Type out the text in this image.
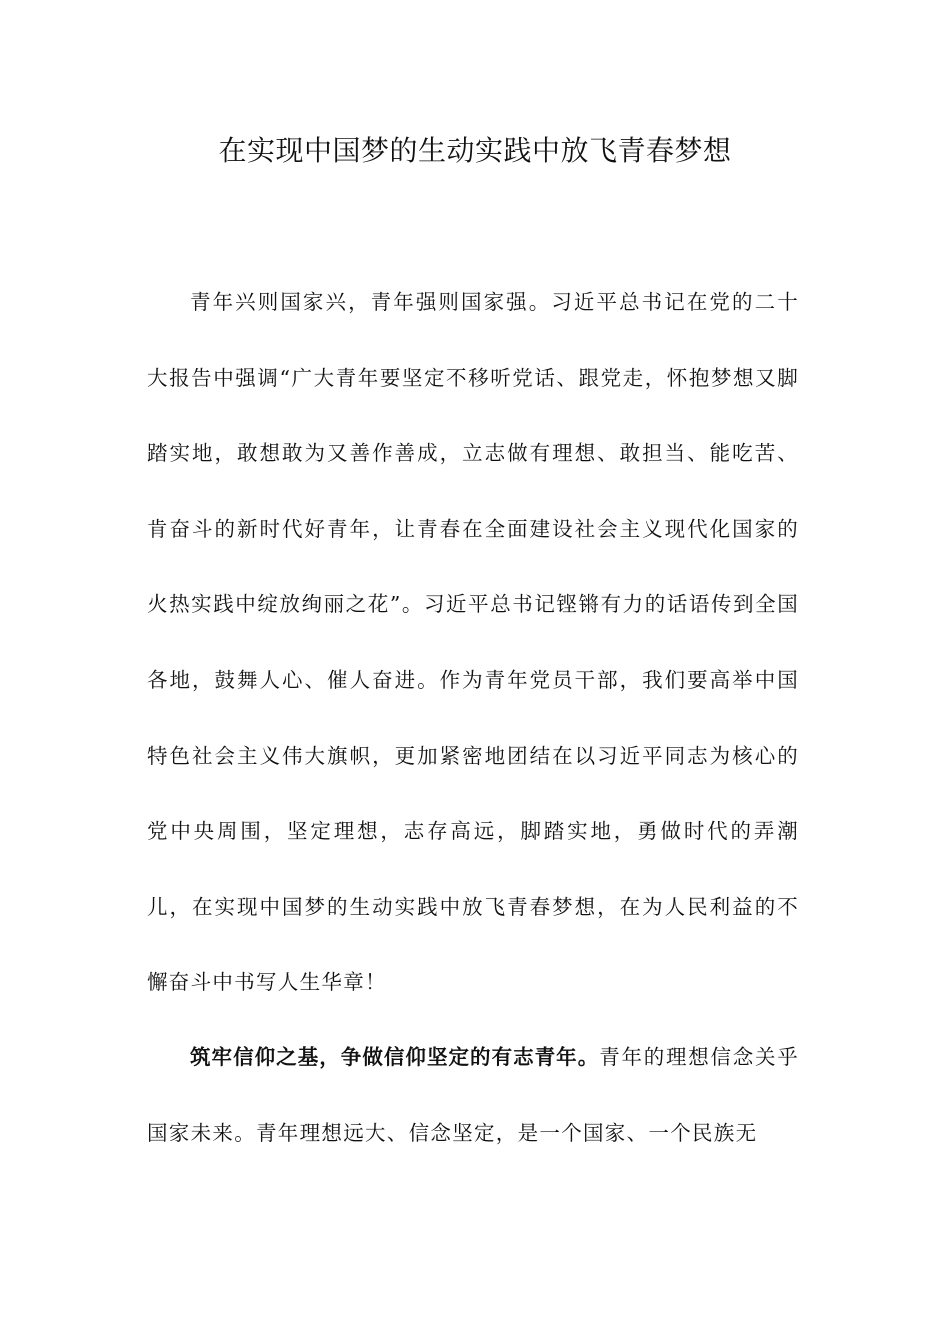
在实现中国梦的生动实践中放飞青春梦想

青年兴则国家兴，青年强则国家强。习近平总书记在党的二十大报告中强调“广大青年要坚定不移听党话、跟党走，怀抱梦想又脚踏实地，敢想敢为又善作善成，立志做有理想、敢担当、能吃苦、肯奋斗的新时代好青年，让青春在全面建设社会主义现代化国家的火热实践中绽放绚丽之花”。习近平总书记铿锵有力的话语传到全国各地，鼓舞人心、催人奋进。作为青年党员干部，我们要高举中国特色社会主义伟大旗帜，更加紧密地团结在以习近平同志为核心的党中央周围，坚定理想，志存高远，脚踏实地，勇做时代的弄潮儿，在实现中国梦的生动实践中放飞青春梦想，在为人民利益的不懈奋斗中书写人生华章！

筑牢信仰之基，争做信仰坚定的有志青年。青年的理想信念关乎国家未来。青年理想远大、信念坚定，是一个国家、一个民族无
